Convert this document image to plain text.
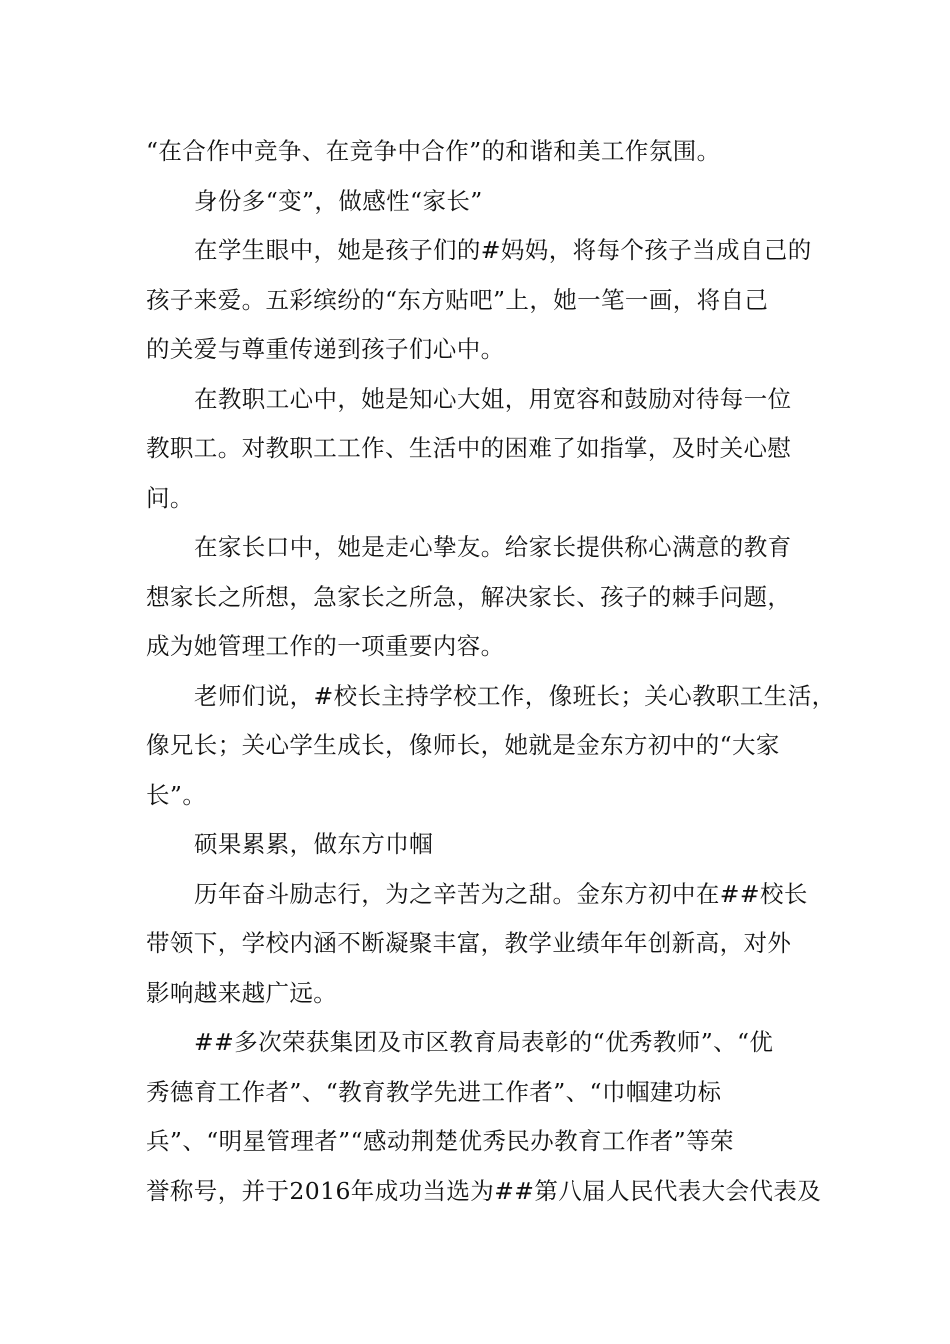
“在合作中竞争、在竞争中合作”的和谐和美工作氛围。
身份多“变”，做感性“家长”
在学生眼中，她是孩子们的#妈妈，将每个孩子当成自己的
孩子来爱。五彩缤纷的“东方贴吧”上，她一笔一画，将自己
的关爱与尊重传递到孩子们心中。
在教职工心中，她是知心大姐，用宽容和鼓励对待每一位
教职工。对教职工工作、生活中的困难了如指掌，及时关心慰
问。
在家长口中，她是走心挚友。给家长提供称心满意的教育
想家长之所想，急家长之所急，解决家长、孩子的棘手问题，
成为她管理工作的一项重要内容。
老师们说，#校长主持学校工作，像班长；关心教职工生活，
像兄长；关心学生成长，像师长，她就是金东方初中的“大家
长”。
硕果累累，做东方巾帼
历年奋斗励志行，为之辛苦为之甜。金东方初中在##校长
带领下，学校内涵不断凝聚丰富，教学业绩年年创新高，对外
影响越来越广远。
##多次荣获集团及市区教育局表彰的“优秀教师”、“优
秀德育工作者”、“教育教学先进工作者”、“巾帼建功标
兵”、“明星管理者”“感动荆楚优秀民办教育工作者”等荣
誉称号，并于2016年成功当选为##第八届人民代表大会代表及
